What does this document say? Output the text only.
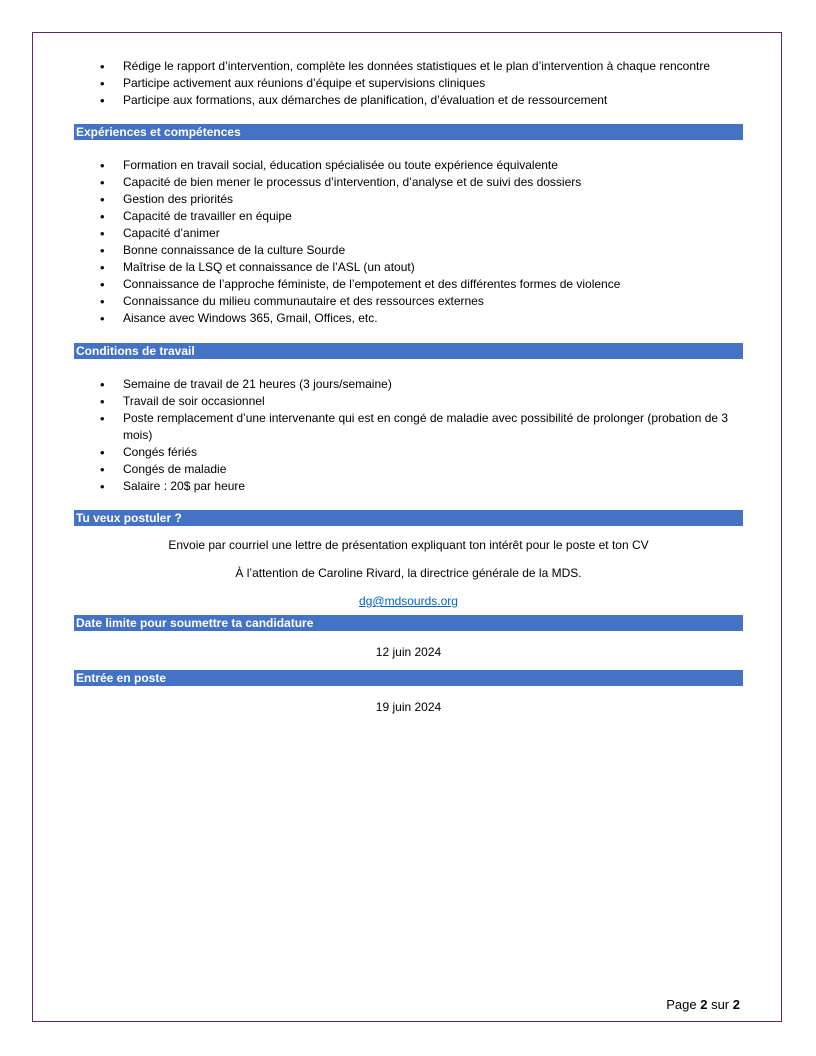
• Rédige le rapport d’intervention, complète les données statistiques et le plan d’intervention à chaque rencontre
• Participe activement aux réunions d’équipe et supervisions cliniques
• Participe aux formations, aux démarches de planification, d’évaluation et de ressourcement
Expériences et compétences
• Formation en travail social, éducation spécialisée ou toute expérience équivalente
• Capacité de bien mener le processus d’intervention, d’analyse et de suivi des dossiers
• Gestion des priorités
• Capacité de travailler en équipe
• Capacité d’animer
• Bonne connaissance de la culture Sourde
• Maîtrise de la LSQ et connaissance de l’ASL (un atout)
• Connaissance de l’approche féministe, de l’empotement et des différentes formes de violence
• Connaissance du milieu communautaire et des ressources externes
• Aisance avec Windows 365, Gmail, Offices, etc.
Conditions de travail
• Semaine de travail de 21 heures (3 jours/semaine)
• Travail de soir occasionnel
• Poste remplacement d’une intervenante qui est en congé de maladie avec possibilité de prolonger (probation de 3 mois)
• Congés fériés
• Congés de maladie
• Salaire : 20$ par heure
Tu veux postuler ?
Envoie par courriel une lettre de présentation expliquant ton intérêt pour le poste et ton CV
À l’attention de Caroline Rivard, la directrice générale de la MDS.
dg@mdsourds.org
Date limite pour soumettre ta candidature
12 juin 2024
Entrée en poste
19 juin 2024
Page 2 sur 2
